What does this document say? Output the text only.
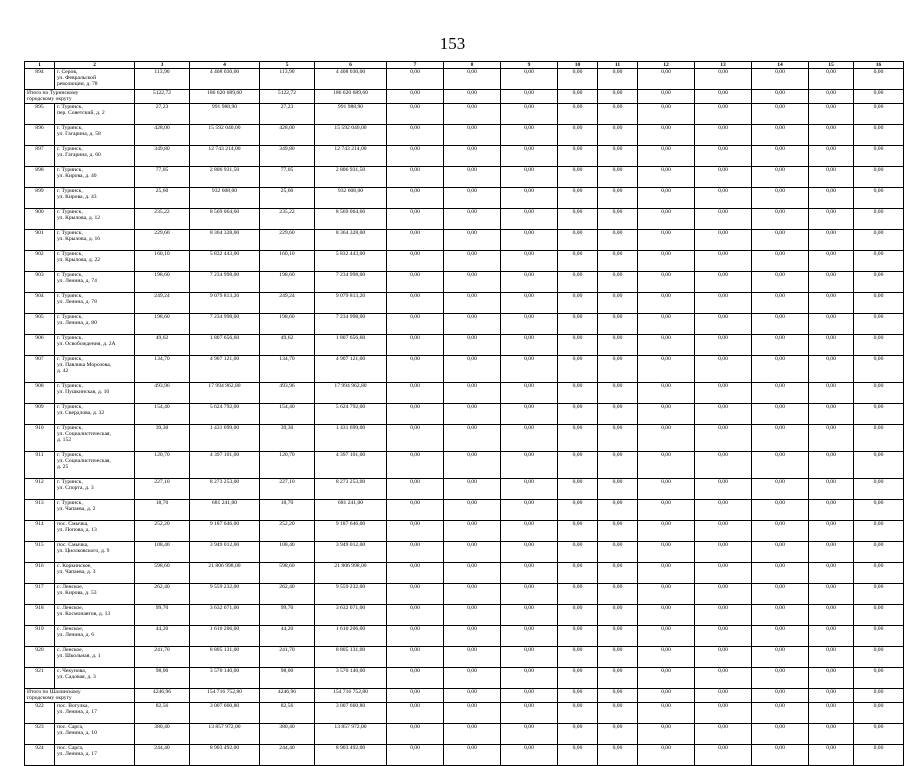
153
1	2	3	4	5	6	7	8	9	10	11	12	13	14	15	16
894	г. Серов,
ул. Февральской
революции, д. 78	113,90	4 408 030,00	113,90	4 408 030,00	0,00	0,00	0,00	0,00	0,00	0,00	0,00	0,00	0,00	0,00

Итого по Туринскому
городскому округу		5122,72	186 620 689,60	5122,72	186 620 689,60	0,00	0,00	0,00	0,00	0,00	0,00	0,00	0,00	0,00	0,00
895	г. Туринск,
пер. Советский, д. 2	27,23	991 988,90	27,23	991 988,90	0,00	0,00	0,00	0,00	0,00	0,00	0,00	0,00	0,00	0,00
896	г. Туринск,
ул. Гагарина, д. 58	428,00	15 592 040,00	428,00	15 592 040,00	0,00	0,00	0,00	0,00	0,00	0,00	0,00	0,00	0,00	0,00
897	г. Туринск,
ул. Гагарина, д. 60	349,80	12 743 214,00	349,80	12 743 214,00	0,00	0,00	0,00	0,00	0,00	0,00	0,00	0,00	0,00	0,00
898	г. Туринск,
ул. Кирова, д. 40	77,05	2 806 931,50	77,05	2 806 931,50	0,00	0,00	0,00	0,00	0,00	0,00	0,00	0,00	0,00	0,00
899	г. Туринск,
ул. Кирова, д. 43	25,60	932 608,00	25,60	932 608,00	0,00	0,00	0,00	0,00	0,00	0,00	0,00	0,00	0,00	0,00
900	г. Туринск,
ул. Крылова, д. 12	235,22	8 569 064,60	235,22	8 569 064,60	0,00	0,00	0,00	0,00	0,00	0,00	0,00	0,00	0,00	0,00
901	г. Туринск,
ул. Крылова, д. 16	229,60	8 364 328,00	229,60	8 364 328,00	0,00	0,00	0,00	0,00	0,00	0,00	0,00	0,00	0,00	0,00
902	г. Туринск,
ул. Крылова, д. 22	160,10	5 832 443,00	160,10	5 832 443,00	0,00	0,00	0,00	0,00	0,00	0,00	0,00	0,00	0,00	0,00
903	г. Туринск,
ул. Ленина, д. 74	198,60	7 234 998,00	198,60	7 234 998,00	0,00	0,00	0,00	0,00	0,00	0,00	0,00	0,00	0,00	0,00
904	г. Туринск,
ул. Ленина, д. 78	249,24	9 079 813,20	249,24	9 079 813,20	0,00	0,00	0,00	0,00	0,00	0,00	0,00	0,00	0,00	0,00
905	г. Туринск,
ул. Ленина, д. 80	198,60	7 234 998,00	198,60	7 234 998,00	0,00	0,00	0,00	0,00	0,00	0,00	0,00	0,00	0,00	0,00
906	г. Туринск,
ул. Освобождения, д. 2А	49,62	1 807 656,60	49,62	1 807 656,60	0,00	0,00	0,00	0,00	0,00	0,00	0,00	0,00	0,00	0,00
907	г. Туринск,
ул. Павлика Морозова,
д. 42	134,70	4 907 121,00	134,70	4 907 121,00	0,00	0,00	0,00	0,00	0,00	0,00	0,00	0,00	0,00	0,00
908	г. Туринск,
ул. Пушкинская, д. 10	493,96	17 994 962,80	493,96	17 994 962,80	0,00	0,00	0,00	0,00	0,00	0,00	0,00	0,00	0,00	0,00
909	г. Туринск,
ул. Свердлова, д. 32	154,40	5 624 792,00	154,40	5 624 792,00	0,00	0,00	0,00	0,00	0,00	0,00	0,00	0,00	0,00	0,00
910	г. Туринск,
ул. Социалистическая,
д. 152	39,30	1 431 699,00	39,30	1 431 699,00	0,00	0,00	0,00	0,00	0,00	0,00	0,00	0,00	0,00	0,00
911	г. Туринск,
ул. Социалистическая,
д. 25	120,70	4 397 101,00	120,70	4 397 101,00	0,00	0,00	0,00	0,00	0,00	0,00	0,00	0,00	0,00	0,00
912	г. Туринск,
ул. Спорта, д. 3	227,10	8 273 253,00	227,10	8 273 253,00	0,00	0,00	0,00	0,00	0,00	0,00	0,00	0,00	0,00	0,00
913	г. Туринск,
ул. Чапаева, д. 2	18,70	681 241,00	18,70	681 241,00	0,00	0,00	0,00	0,00	0,00	0,00	0,00	0,00	0,00	0,00
914	пос. Смычка,
ул. Попова, д. 13	252,20	9 187 646,00	252,20	9 187 646,00	0,00	0,00	0,00	0,00	0,00	0,00	0,00	0,00	0,00	0,00
915	пос. Смычка,
ул. Циолковского, д. 9	108,40	3 949 012,00	108,40	3 949 012,00	0,00	0,00	0,00	0,00	0,00	0,00	0,00	0,00	0,00	0,00
916	с. Коркинское,
ул. Чапаева, д. 3	598,60	21 806 998,00	598,60	21 806 998,00	0,00	0,00	0,00	0,00	0,00	0,00	0,00	0,00	0,00	0,00
917	с. Ленское,
ул. Кирова, д. 53	262,40	9 559 232,00	262,40	9 559 232,00	0,00	0,00	0,00	0,00	0,00	0,00	0,00	0,00	0,00	0,00
918	с. Ленское,
ул. Космонавтов, д. 13	99,70	3 632 071,00	99,70	3 632 071,00	0,00	0,00	0,00	0,00	0,00	0,00	0,00	0,00	0,00	0,00
919	с. Ленское,
ул. Ленина, д. 6	44,20	1 610 206,00	44,20	1 610 206,00	0,00	0,00	0,00	0,00	0,00	0,00	0,00	0,00	0,00	0,00
920	с. Ленское,
ул. Школьная, д. 1	241,70	8 805 131,00	241,70	8 805 131,00	0,00	0,00	0,00	0,00	0,00	0,00	0,00	0,00	0,00	0,00
921	с. Чекунова,
ул. Садовая, д. 3	98,00	3 570 140,00	98,00	3 570 140,00	0,00	0,00	0,00	0,00	0,00	0,00	0,00	0,00	0,00	0,00

Итого по Шалинскому
городскому округу		4246,96	154 716 752,80	4246,96	154 716 752,80	0,00	0,00	0,00	0,00	0,00	0,00	0,00	0,00	0,00	0,00
922	пос. Вогулка,
ул. Ленина, д. 17	82,56	3 007 660,80	82,56	3 007 660,80	0,00	0,00	0,00	0,00	0,00	0,00	0,00	0,00	0,00	0,00
923	пос. Сарга,
ул. Ленина, д. 10	380,40	13 857 972,00	380,40	13 857 972,00	0,00	0,00	0,00	0,00	0,00	0,00	0,00	0,00	0,00	0,00
924	пос. Сарга,
ул. Ленина, д. 17	244,40	8 903 492,00	244,40	8 903 492,00	0,00	0,00	0,00	0,00	0,00	0,00	0,00	0,00	0,00	0,00
